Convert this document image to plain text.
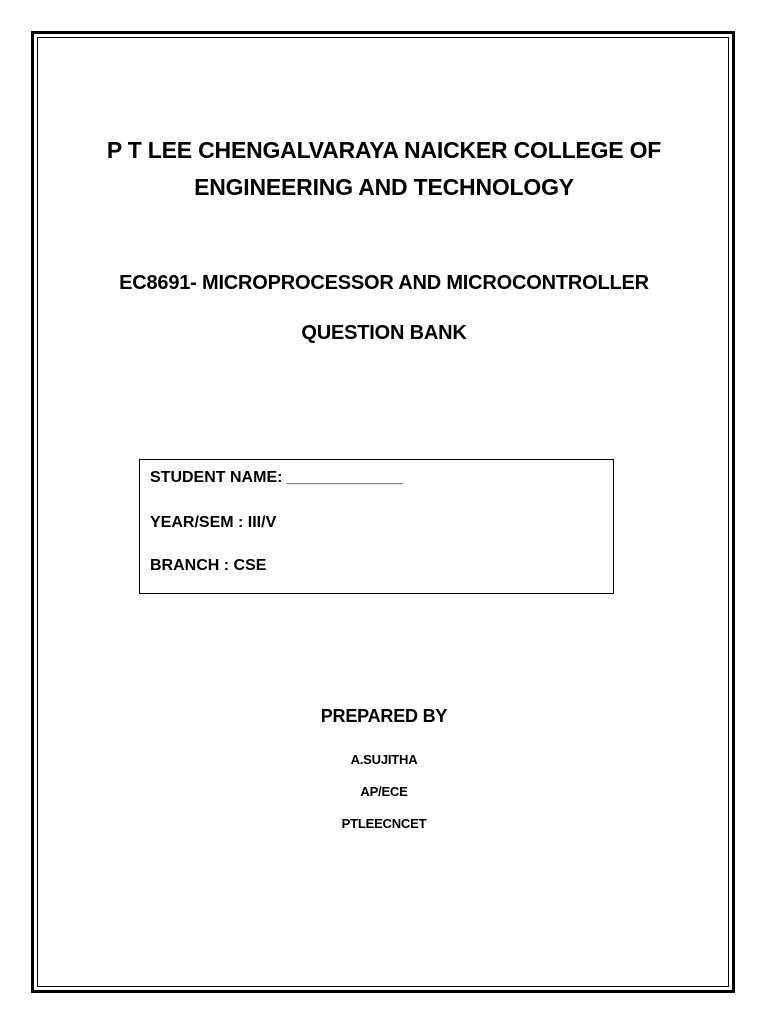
P T LEE CHENGALVARAYA NAICKER COLLEGE OF
ENGINEERING AND TECHNOLOGY
EC8691- MICROPROCESSOR AND MICROCONTROLLER
QUESTION BANK
STUDENT NAME: _____________
YEAR/SEM : III/V
BRANCH : CSE
PREPARED BY
A.SUJITHA
AP/ECE
PTLEECNCET
